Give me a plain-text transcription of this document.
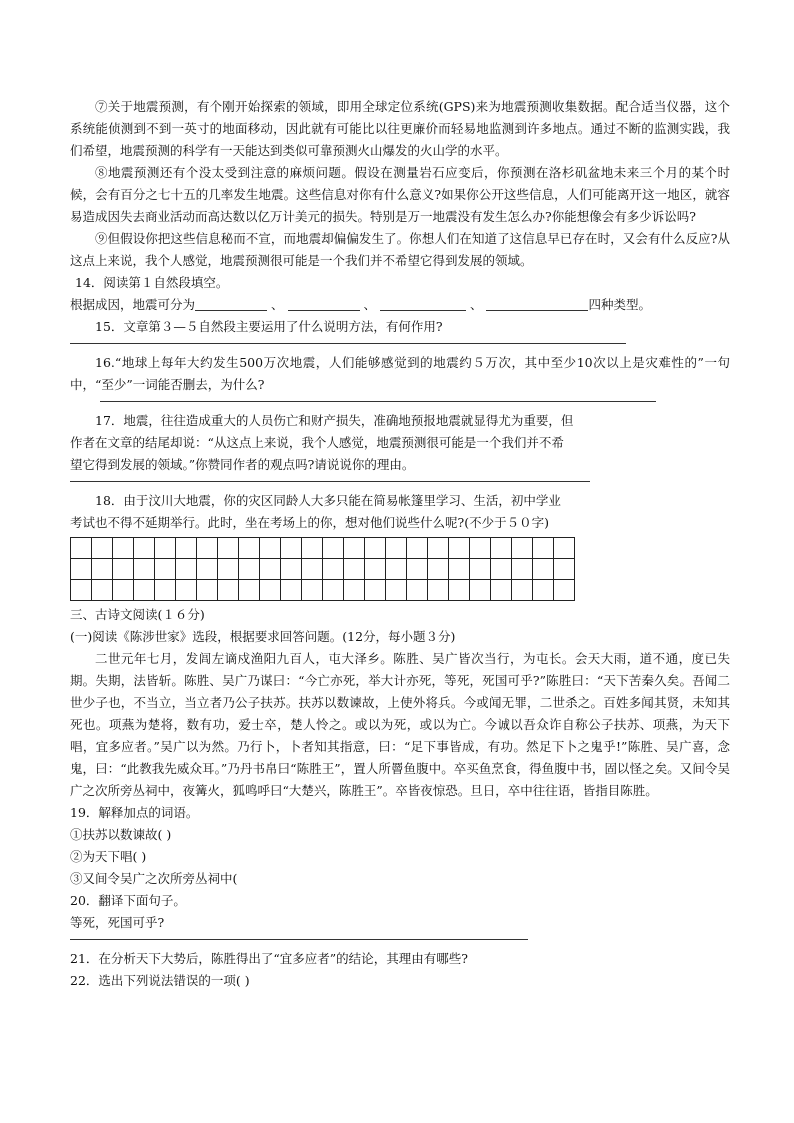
⑦关于地震预测，有个刚开始探索的领域，即用全球定位系统(GPS)来为地震预测收集数据。配合适当仪器，这个系统能侦测到不到一英寸的地面移动，因此就有可能比以往更廉价而轻易地监测到许多地点。通过不断的监测实践，我们希望，地震预测的科学有一天能达到类似可靠预测火山爆发的火山学的水平。

⑧地震预测还有个没太受到注意的麻烦问题。假设在测量岩石应变后，你预测在洛杉矶盆地未来三个月的某个时候，会有百分之七十五的几率发生地震。这些信息对你有什么意义?如果你公开这些信息，人们可能离开这一地区，就容易造成因失去商业活动而高达数以亿万计美元的损失。特别是万一地震没有发生怎么办?你能想像会有多少诉讼吗?

⑨但假设你把这些信息秘而不宣，而地震却偏偏发生了。你想人们在知道了这信息早已存在时，又会有什么反应?从这点上来说，我个人感觉，地震预测很可能是一个我们并不希望它得到发展的领域。

14．阅读第１自然段填空。

根据成因，地震可分为	、	、	、	四种类型。

15．文章第３—５自然段主要运用了什么说明方法，有何作用?

16.“地球上每年大约发生500万次地震，人们能够感觉到的地震约５万次，其中至少10次以上是灾难性的”一句中，“至少”一词能否删去，为什么?

17．地震，往往造成重大的人员伤亡和财产损失，准确地预报地震就显得尤为重要，但

作者在文章的结尾却说：“从这点上来说，我个人感觉，地震预测很可能是一个我们并不希

望它得到发展的领域。”你赞同作者的观点吗?请说说你的理由。

18．由于汶川大地震，你的灾区同龄人大多只能在简易帐篷里学习、生活，初中学业

考试也不得不延期举行。此时，坐在考场上的你，想对他们说些什么呢?(不少于５０字)

三、古诗文阅读(１６分)

(一)阅读《陈涉世家》选段，根据要求回答问题。(12分，每小题３分)

二世元年七月，发闾左谪戍渔阳九百人，屯大泽乡。陈胜、吴广皆次当行，为屯长。会天大雨，道不通，度已失期。失期，法皆斩。陈胜、吴广乃谋曰：“今亡亦死，举大计亦死，等死，死国可乎?”陈胜曰：“天下苦秦久矣。吾闻二世少子也，不当立，当立者乃公子扶苏。扶苏以数谏故，上使外将兵。今或闻无罪，二世杀之。百姓多闻其贤，未知其死也。项燕为楚将，数有功，爱士卒，楚人怜之。或以为死，或以为亡。今诚以吾众诈自称公子扶苏、项燕，为天下唱，宜多应者。”吴广以为然。乃行卜，卜者知其指意，曰：“足下事皆成，有功。然足下卜之鬼乎!”陈胜、吴广喜，念鬼，曰：“此教我先威众耳。”乃丹书帛曰“陈胜王”，置人所罾鱼腹中。卒买鱼烹食，得鱼腹中书，固以怪之矣。又间令吴广之次所旁丛祠中，夜篝火，狐鸣呼曰“大楚兴，陈胜王”。卒皆夜惊恐。旦日，卒中往往语，皆指目陈胜。

19．解释加点的词语。

①扶苏以数谏故( )

②为天下唱( )

③又间令吴广之次所旁丛祠中(

20．翻译下面句子。

等死，死国可乎?

21．在分析天下大势后，陈胜得出了“宜多应者”的结论，其理由有哪些?

22．选出下列说法错误的一项( )
